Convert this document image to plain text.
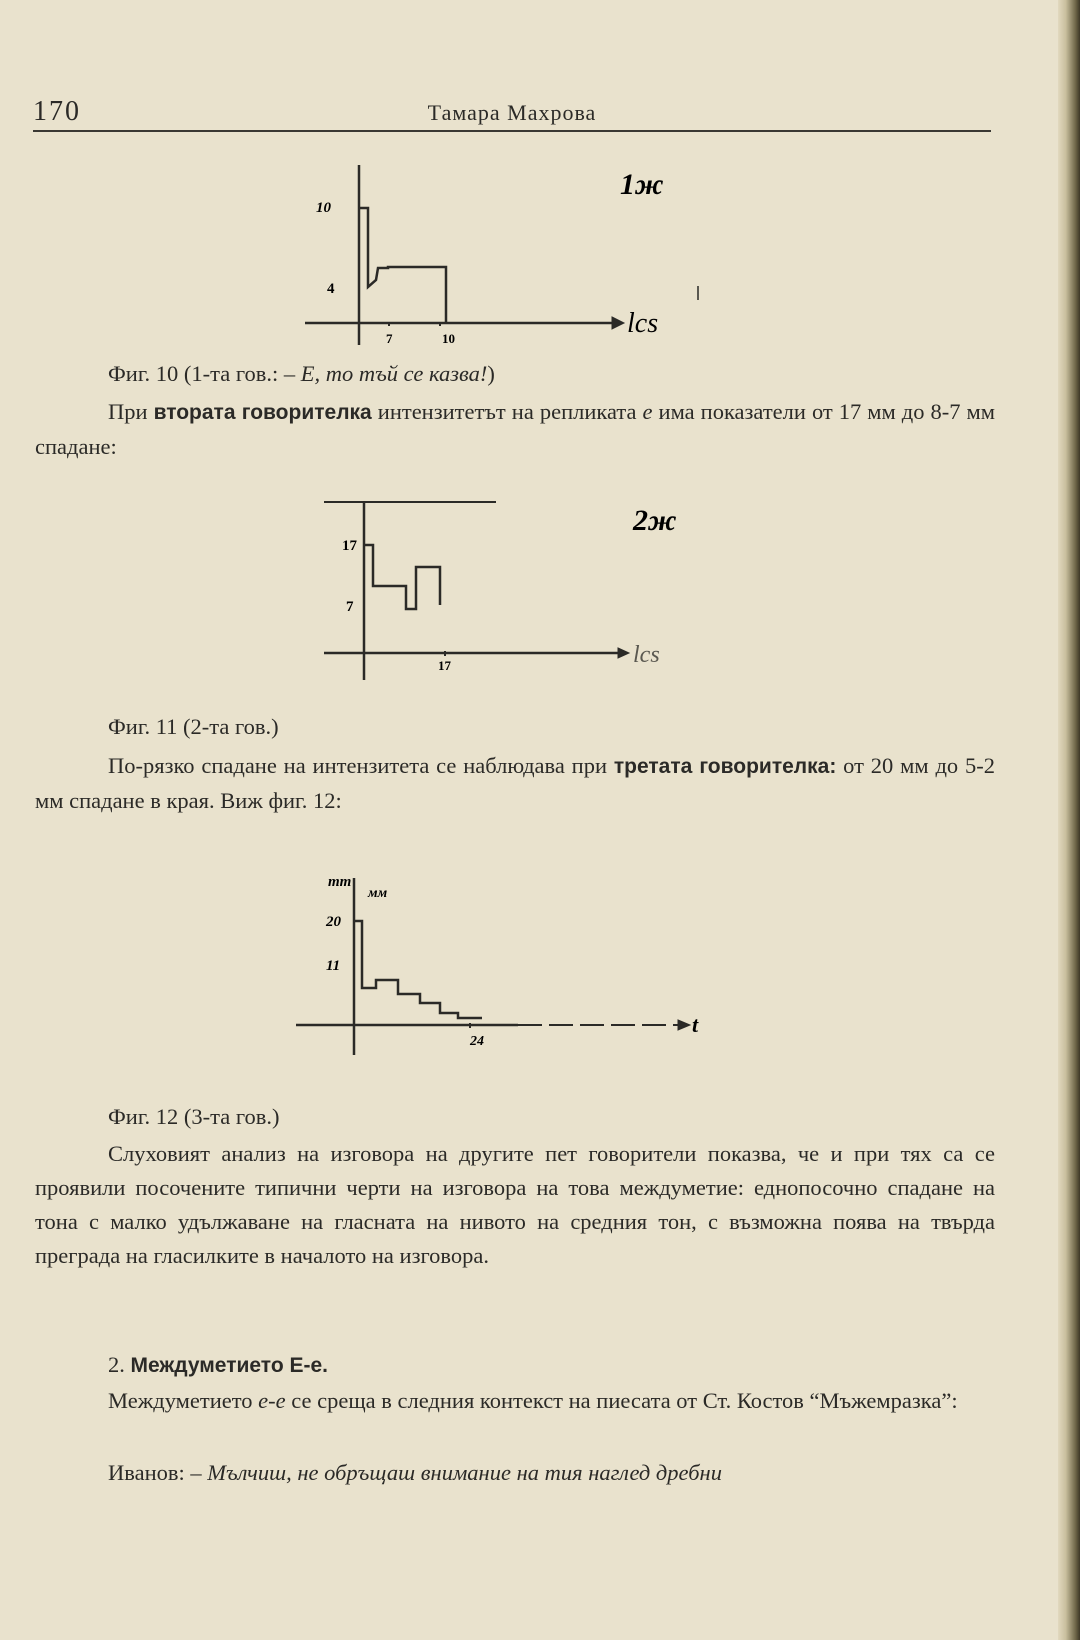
170	Тамара Махрова
10
4
7	10	lcs
1ж
Фиг. 10 (1-та гов.: – Е, то тъй се казва!)

При втората говорителка интензитетът на репликата е има показатели от 17 мм до 8-7 мм спадане:

17
7
17	lcs
2ж
Фиг. 11 (2-та гов.)

По-рязко спадане на интензитета се наблюдава при третата говорителка: от 20 мм до 5-2 мм спадане в края. Виж фиг. 12:

mm
мм
20
11
24
t
Фиг. 12 (3-та гов.)

Слуховият анализ на изговора на другите пет говорители показва, че и при тях са се проявили посочените типични черти на изговора на това междуметие: еднопосочно спадане на тона с малко удължаване на гласната на нивото на средния тон, с възможна поява на твърда преграда на гласилките в началото на изговора.

2. Междуметието Е-е.

Междуметието е-е се среща в следния контекст на пиесата от Ст. Костов “Мъжемразка”:

Иванов: – Мълчиш, не обръщаш внимание на тия наглед дребни
